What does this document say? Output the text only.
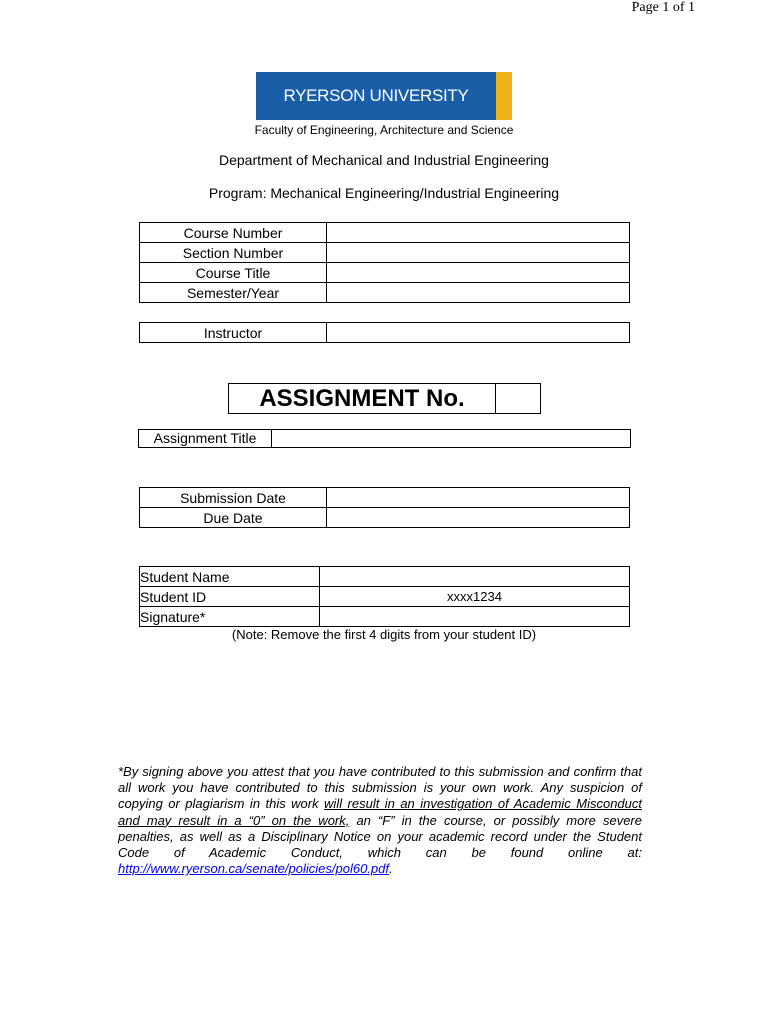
Page 1 of 1
RYERSON UNIVERSITY
Faculty of Engineering, Architecture and Science
Department of Mechanical and Industrial Engineering
Program: Mechanical Engineering/Industrial Engineering
Course Number	
Section Number	
Course Title	
Semester/Year	
Instructor	
ASSIGNMENT No.
Assignment Title	
Submission Date	
Due Date	
Student Name	
Student ID	xxxx1234
Signature*	
(Note: Remove the first 4 digits from your student ID)
*By signing above you attest that you have contributed to this submission and confirm that all work you have contributed to this submission is your own work. Any suspicion of copying or plagiarism in this work will result in an investigation of Academic Misconduct and may result in a “0” on the work, an “F” in the course, or possibly more severe penalties, as well as a Disciplinary Notice on your academic record under the Student Code of Academic Conduct, which can be found online at: http://www.ryerson.ca/senate/policies/pol60.pdf.
